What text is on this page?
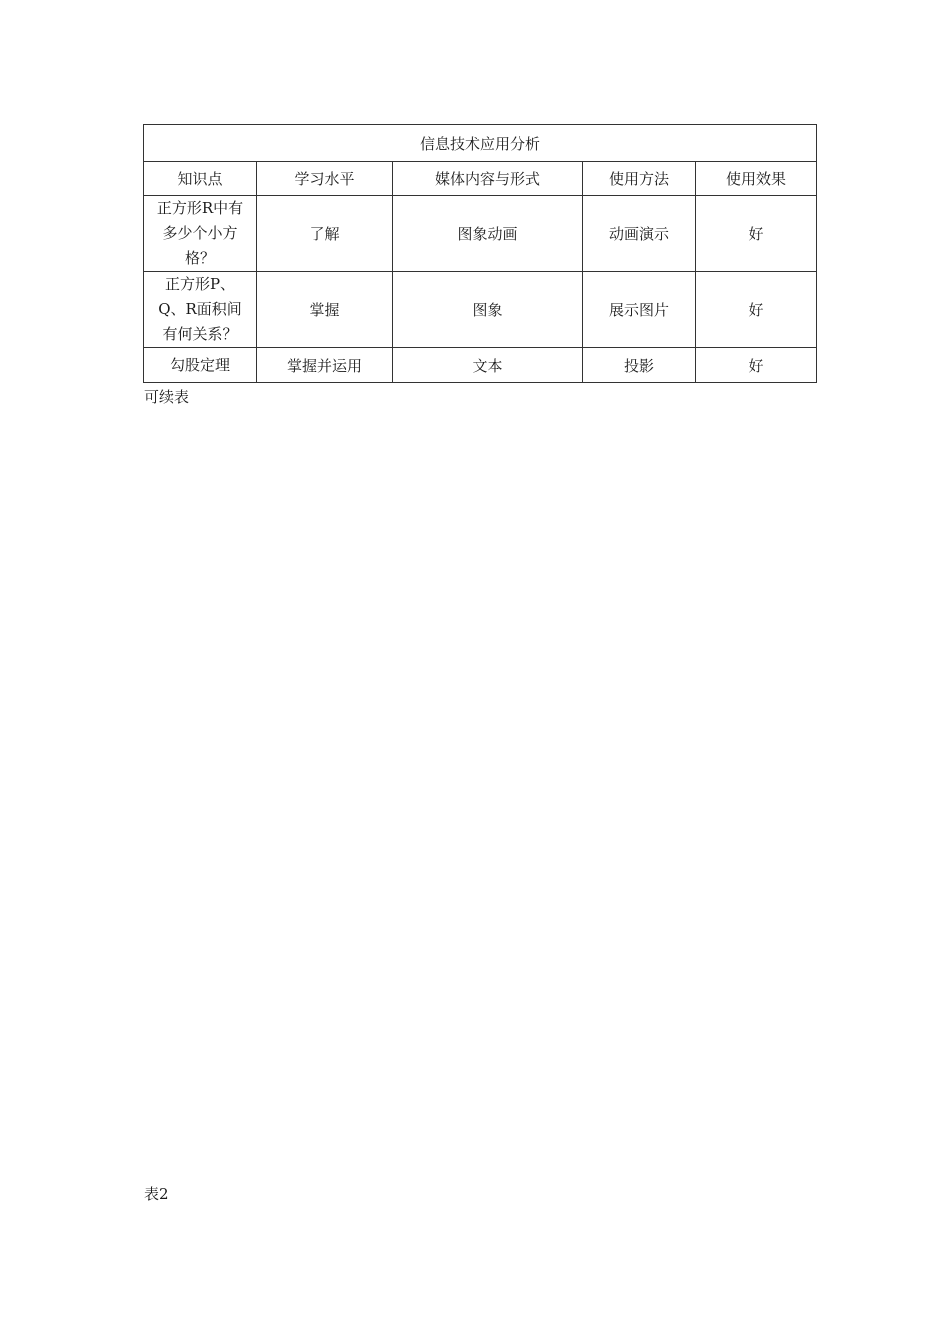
信息技术应用分析				
知识点	学习水平	媒体内容与形式	使用方法	使用效果
正方形R中有多少个小方格？	了解	图象动画	动画演示	好
正方形P、Q、R面积间有何关系？	掌握	图象	展示图片	好
勾股定理	掌握并运用	文本	投影	好
可续表
表2
